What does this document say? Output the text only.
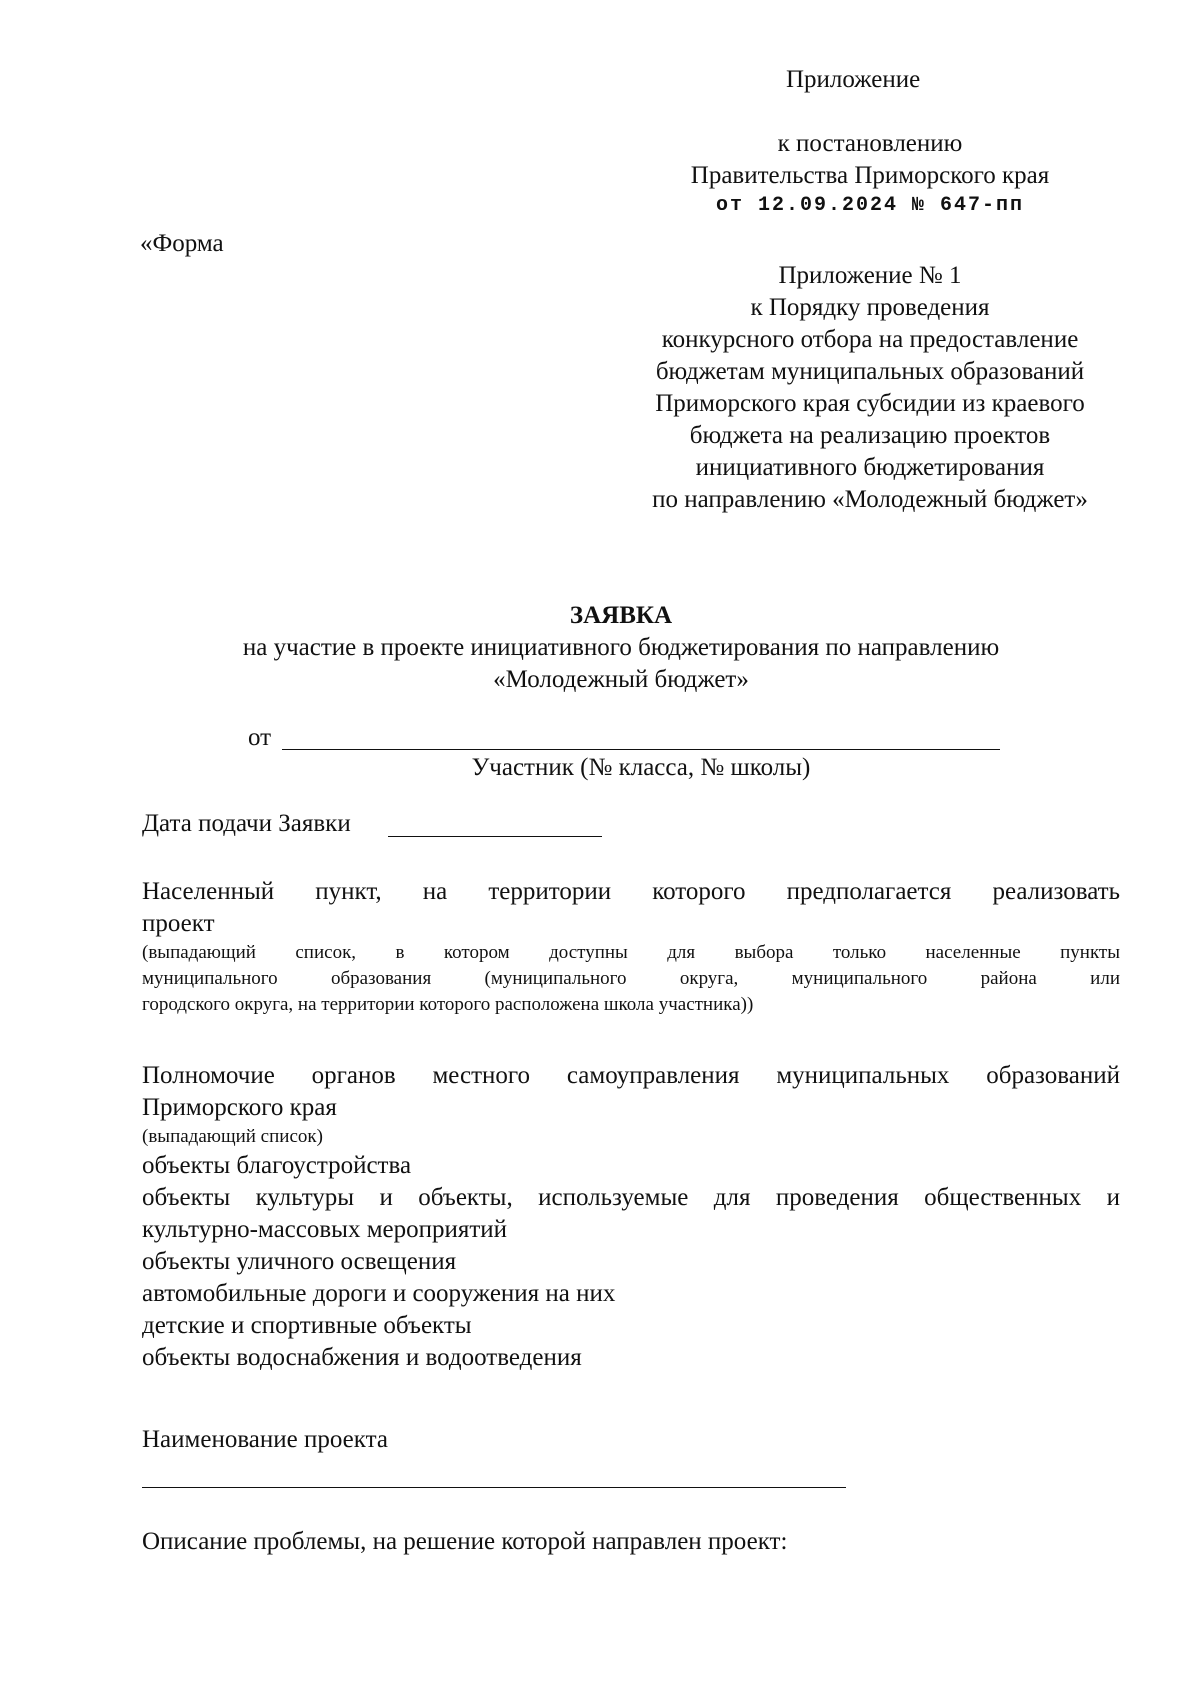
Приложение
к постановлению
Правительства Приморского края
от 12.09.2024 № 647-пп
«Форма
Приложение № 1
к Порядку проведения
конкурсного отбора на предоставление
бюджетам муниципальных образований
Приморского края субсидии из краевого
бюджета на реализацию проектов
инициативного бюджетирования
по направлению «Молодежный бюджет»
ЗАЯВКА
на участие в проекте инициативного бюджетирования по направлению
«Молодежный бюджет»
от
Участник (№ класса, № школы)
Дата подачи Заявки
Населенный пункт, на территории которого предполагается реализовать
проект
(выпадающий список, в котором доступны для выбора только населенные пункты
муниципального образования (муниципального округа, муниципального района или
городского округа, на территории которого расположена школа участника))
Полномочие органов местного самоуправления муниципальных образований
Приморского края
(выпадающий список)
объекты благоустройства
объекты культуры и объекты, используемые для проведения общественных и
культурно-массовых мероприятий
объекты уличного освещения
автомобильные дороги и сооружения на них
детские и спортивные объекты
объекты водоснабжения и водоотведения
Наименование проекта
Описание проблемы, на решение которой направлен проект:
